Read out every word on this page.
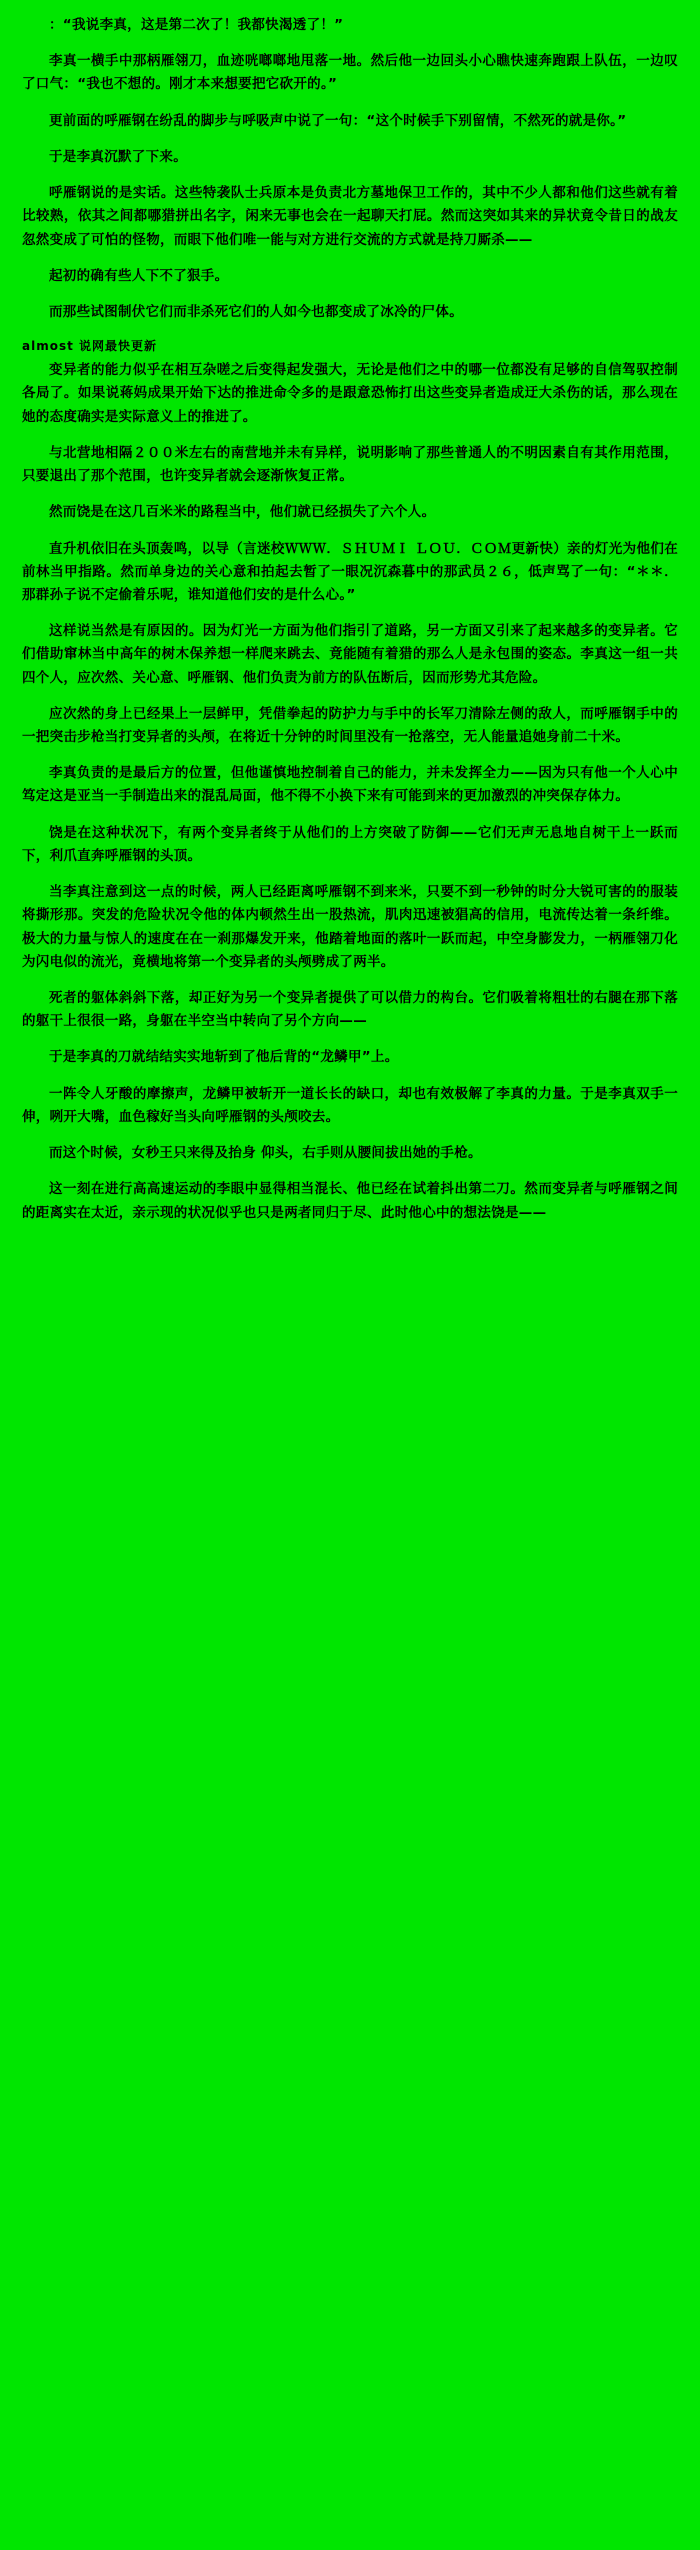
：“我说李真，这是第二次了！我都快渴透了！”

李真一横手中那柄雁翎刀，血迹咣啷啷地甩落一地。然后他一边回头小心瞧快速奔跑跟上队伍，一边叹了口气：“我也不想的。刚才本来想要把它砍开的。”

更前面的呼雁钢在纷乱的脚步与呼吸声中说了一句：“这个时候手下别留情，不然死的就是你。”

于是李真沉默了下来。

呼雁钢说的是实话。这些特袭队士兵原本是负责北方墓地保卫工作的，其中不少人都和他们这些就有着比较熟，依其之间都哪猎拼出名字，闲来无事也会在一起聊天打屁。然而这突如其来的异状竟令昔日的战友忽然变成了可怕的怪物，而眼下他们唯一能与对方进行交流的方式就是持刀厮杀——

起初的确有些人下不了狠手。

而那些试图制伏它们而非杀死它们的人如今也都变成了冰冷的尸体。

almost 说网最快更新

变异者的能力似乎在相互杂嗟之后变得起发强大，无论是他们之中的哪一位都没有足够的自信驾驭控制各局了。如果说蒋妈成果开始下达的推进命令多的是跟意恐怖打出这些变异者造成迂大杀伤的话，那么现在她的态度确实是实际意义上的推进了。

与北营地相隔２００米左右的南营地并未有异样，说明影响了那些普通人的不明因素自有其作用范围，只要退出了那个范围，也许变异者就会逐渐恢复正常。

然而饶是在这几百米米的路程当中，他们就已经损失了六个人。

直升机依旧在头顶轰鸣，以导（言迷校ＷＷＷ．ＳＨＵＭＩ ＬＯＵ．ＣＯＭ更新快）亲的灯光为他们在前林当甲指路。然而单身边的关心意和拍起去暂了一眼况沉森暮中的那武员２６，低声骂了一句：“＊＊．那群孙子说不定偷着乐呢，谁知道他们安的是什么心。”

这样说当然是有原因的。因为灯光一方面为他们指引了道路，另一方面又引来了起来越多的变异者。它们借助窜林当中高年的树木保养想一样爬来跳去、竟能随有着猎的那么人是永包围的姿态。李真这一组一共四个人，应次然、关心意、呼雁钢、他们负责为前方的队伍断后，因而形势尤其危险。

应次然的身上已经果上一层鲜甲，凭借拳起的防护力与手中的长军刀清除左侧的敌人，而呼雁钢手中的一把突击步枪当打变异者的头颅，在将近十分钟的时间里没有一抢落空，无人能量追她身前二十米。

李真负责的是最后方的位置，但他谨慎地控制着自己的能力，并未发挥全力——因为只有他一个人心中笃定这是亚当一手制造出来的混乱局面，他不得不小换下来有可能到来的更加激烈的冲突保存体力。

饶是在这种状况下，有两个变异者终于从他们的上方突破了防御——它们无声无息地自树干上一跃而下，利爪直奔呼雁钢的头顶。

当李真注意到这一点的时候，两人已经距离呼雁钢不到来米，只要不到一秒钟的时分大锐可害的的服装将撕形那。突发的危险状况令他的体内顿然生出一股热流，肌肉迅速被猖高的信用，电流传达着一条纤维。极大的力量与惊人的速度在在一刹那爆发开来，他踏着地面的落叶一跃而起，中空身膨发力，一柄雁翎刀化为闪电似的流光，竟横地将第一个变异者的头颅劈成了两半。

死者的躯体斜斜下落，却正好为另一个变异者提供了可以借力的构台。它们吸着将粗壮的右腿在那下落的躯干上很很一路，身躯在半空当中转向了另个方向——

于是李真的刀就结结实实地斩到了他后背的“龙鳞甲”上。

一阵令人牙酸的摩擦声，龙鳞甲被斩开一道长长的缺口，却也有效极解了李真的力量。于是李真双手一伸，咧开大嘴，血色稼好当头向呼雁钢的头颅咬去。

而这个时候，女秒王只来得及抬身 仰头，右手则从腰间拔出她的手枪。

这一刻在进行高高速运动的李眼中显得相当混长、他已经在试着抖出第二刀。然而变异者与呼雁钢之间的距离实在太近，亲示现的状况似乎也只是两者同归于尽、此时他心中的想法饶是——
